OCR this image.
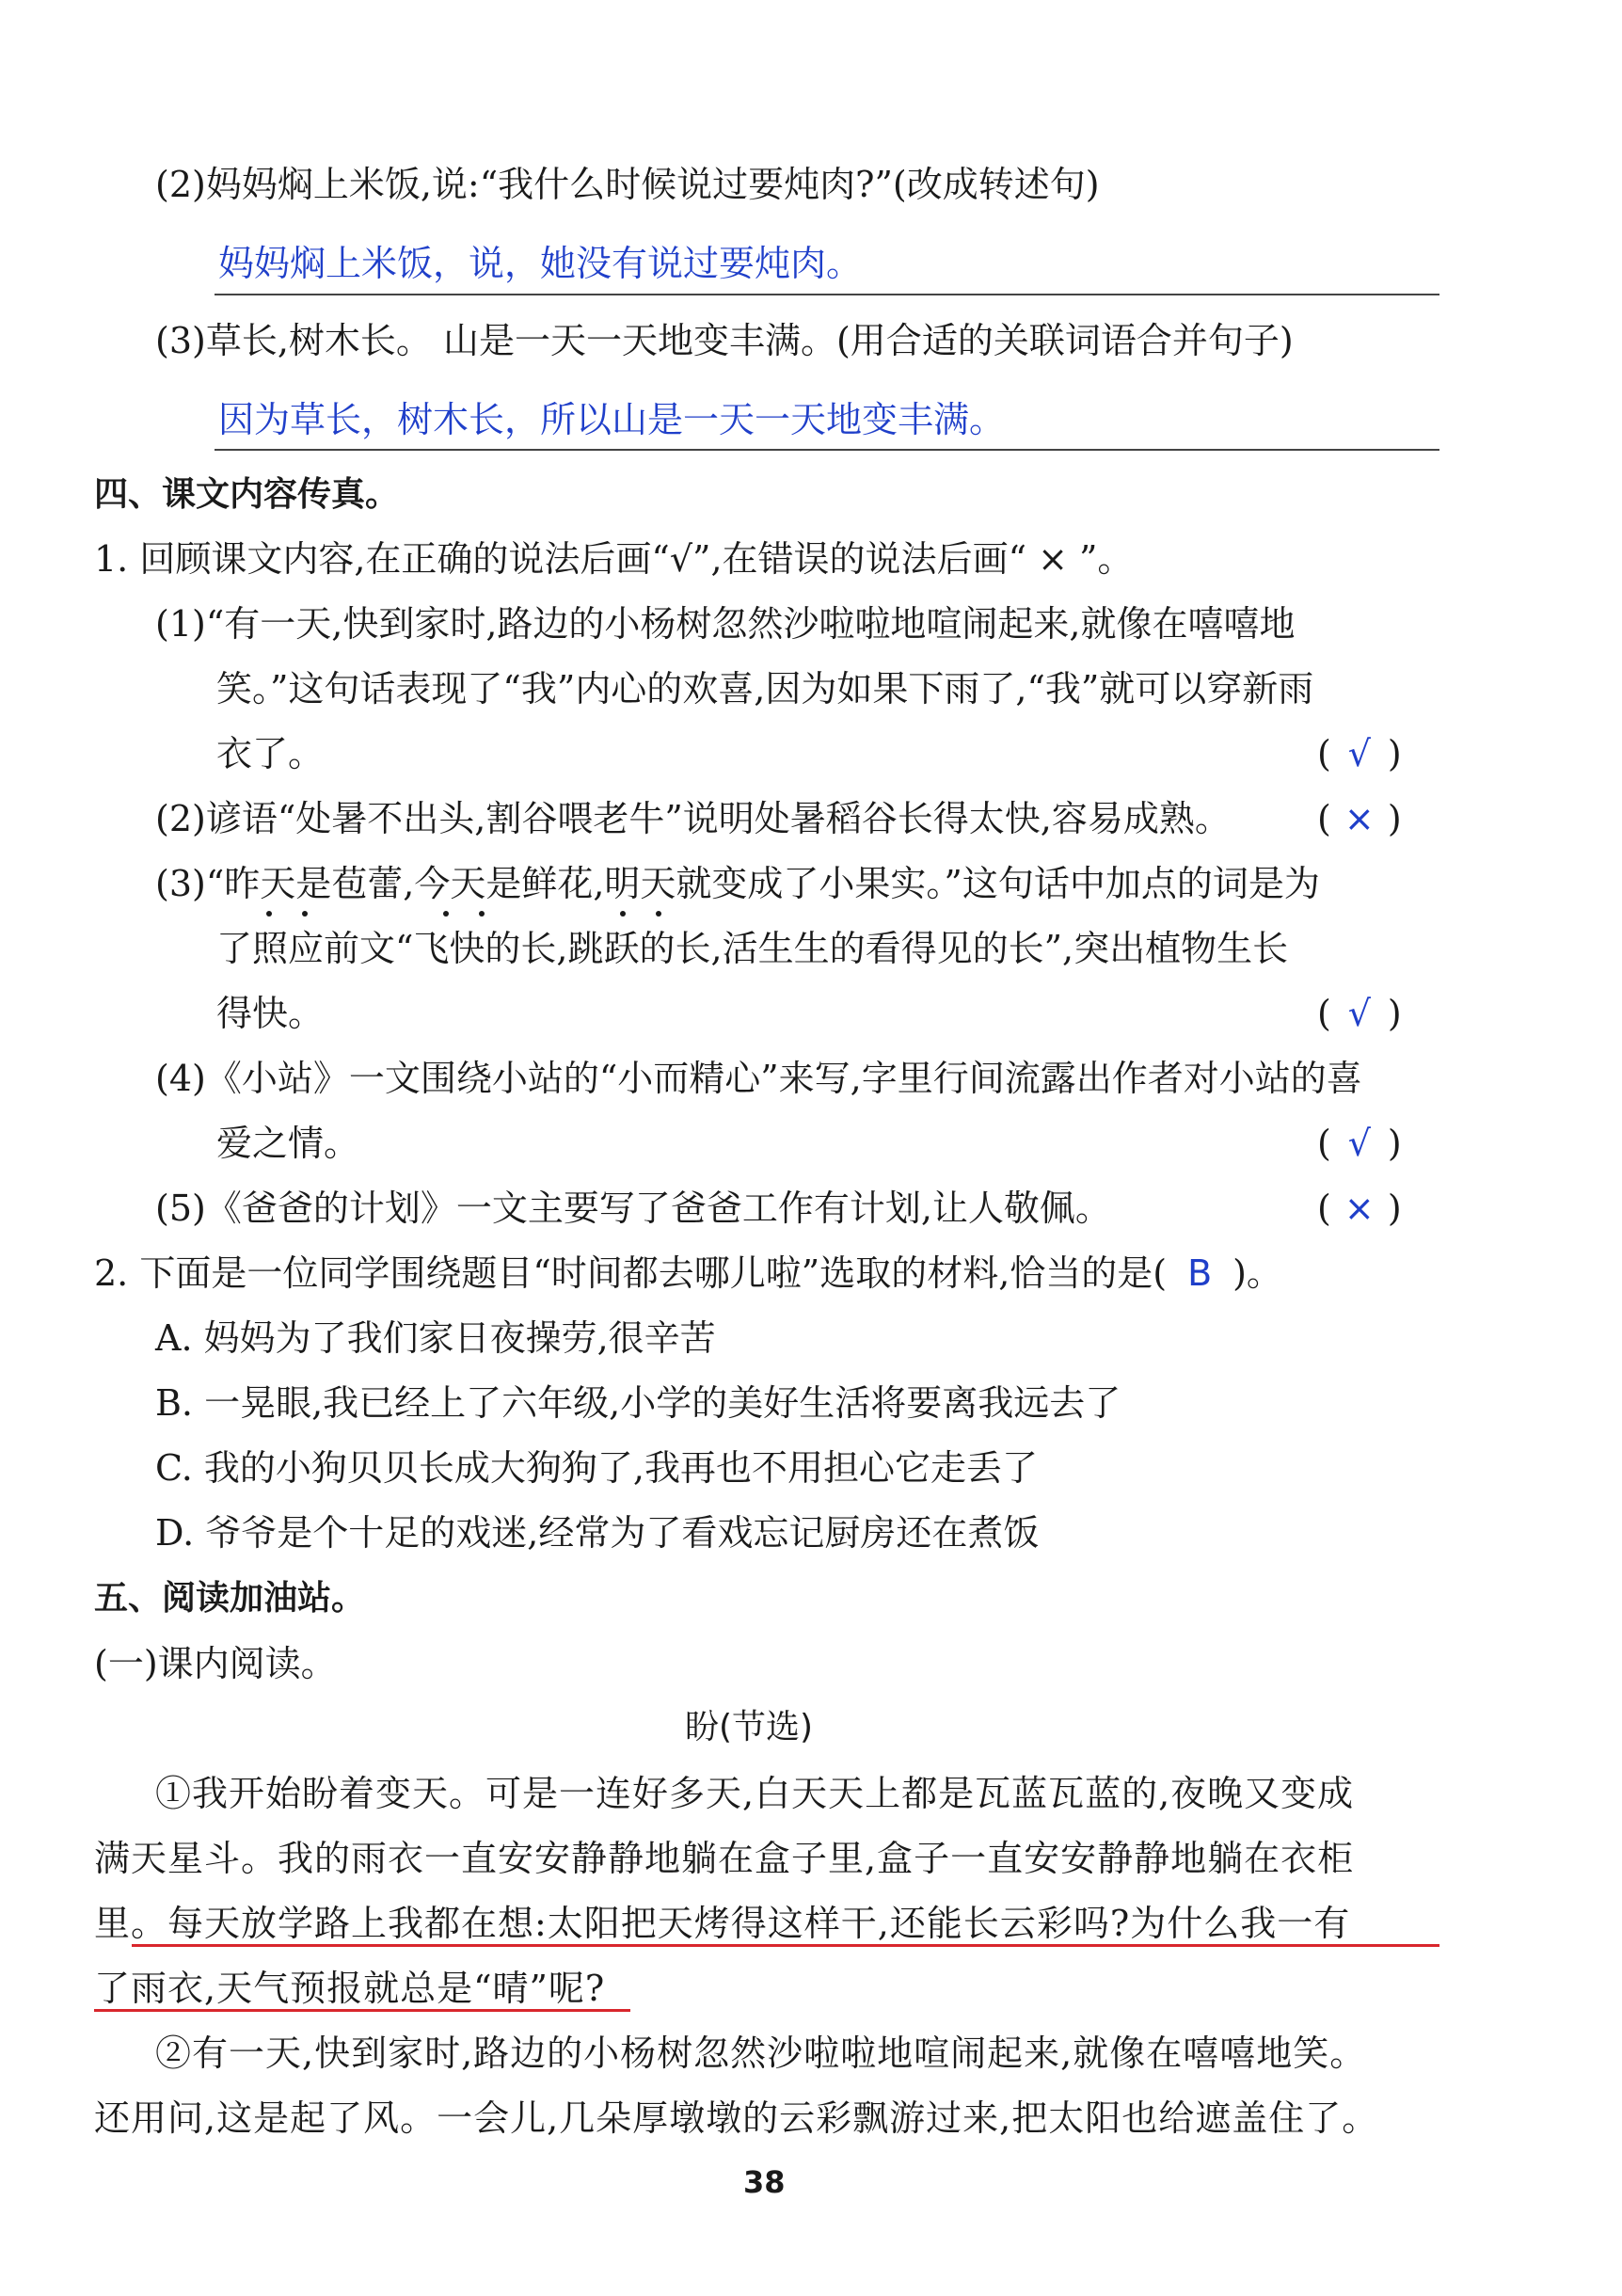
(2)妈妈焖上米饭,说:“我什么时候说过要炖肉?”(改成转述句)
妈妈焖上米饭，说，她没有说过要炖肉。
(3)草长,树木长。 山是一天一天地变丰满。(用合适的关联词语合并句子)
因为草长，树木长，所以山是一天一天地变丰满。
四、课文内容传真。
1. 回顾课文内容,在正确的说法后画“√”,在错误的说法后画“ × ”。
(1)“有一天,快到家时,路边的小杨树忽然沙啦啦地喧闹起来,就像在嘻嘻地
笑。”这句话表现了“我”内心的欢喜,因为如果下雨了,“我”就可以穿新雨
衣了。	( √ )
(2)谚语“处暑不出头,割谷喂老牛”说明处暑稻谷长得太快,容易成熟。 ( × )
(3)“昨天是苞蕾,今天是鲜花,明天就变成了小果实。”这句话中加点的词是为
了照应前文“飞快的长,跳跃的长,活生生的看得见的长”,突出植物生长
得快。	( √ )
(4)《小站》一文围绕小站的“小而精心”来写,字里行间流露出作者对小站的喜
爱之情。	( √ )
(5)《爸爸的计划》一文主要写了爸爸工作有计划,让人敬佩。	( × )
2. 下面是一位同学围绕题目“时间都去哪儿啦”选取的材料,恰当的是( B )。
A. 妈妈为了我们家日夜操劳,很辛苦
B. 一晃眼,我已经上了六年级,小学的美好生活将要离我远去了
C. 我的小狗贝贝长成大狗狗了,我再也不用担心它走丢了
D. 爷爷是个十足的戏迷,经常为了看戏忘记厨房还在煮饭
五、阅读加油站。
(一)课内阅读。
盼(节选)
①我开始盼着变天。可是一连好多天,白天天上都是瓦蓝瓦蓝的,夜晚又变成
满天星斗。我的雨衣一直安安静静地躺在盒子里,盒子一直安安静静地躺在衣柜
里。每天放学路上我都在想:太阳把天烤得这样干,还能长云彩吗?为什么我一有
了雨衣,天气预报就总是“晴”呢?
②有一天,快到家时,路边的小杨树忽然沙啦啦地喧闹起来,就像在嘻嘻地笑。
还用问,这是起了风。一会儿,几朵厚墩墩的云彩飘游过来,把太阳也给遮盖住了。
38
